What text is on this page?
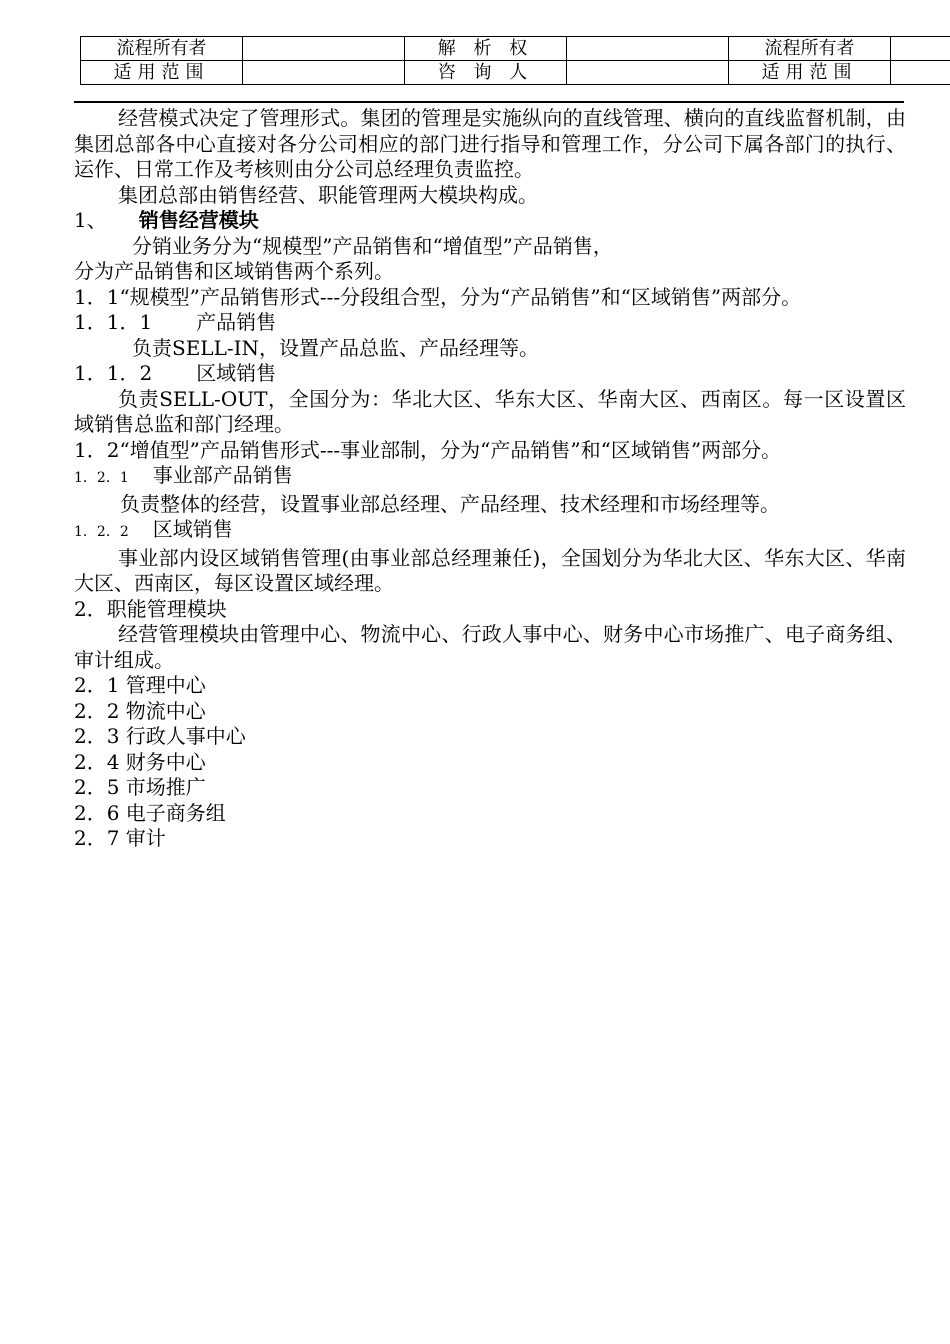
流程所有者		解 析 权		流程所有者	
适用范围		咨 询 人		适用范围	

经营模式决定了管理形式。集团的管理是实施纵向的直线管理、横向的直线监督机制，由集团总部各中心直接对各分公司相应的部门进行指导和管理工作，分公司下属各部门的执行、运作、日常工作及考核则由分公司总经理负责监控。

集团总部由销售经营、职能管理两大模块构成。

1、 销售经营模块

分销业务分为“规模型”产品销售和“增值型”产品销售，

分为产品销售和区域销售两个系列。

1．1“规模型”产品销售形式---分段组合型，分为“产品销售”和“区域销售”两部分。

1．1．1 产品销售

负责SELL-IN，设置产品总监、产品经理等。

1．1．2 区域销售

负责SELL-OUT，全国分为：华北大区、华东大区、华南大区、西南区。每一区设置区域销售总监和部门经理。

1．2“增值型”产品销售形式---事业部制，分为“产品销售”和“区域销售”两部分。

1．2．1 事业部产品销售

负责整体的经营，设置事业部总经理、产品经理、技术经理和市场经理等。

1．2．2 区域销售

事业部内设区域销售管理(由事业部总经理兼任)，全国划分为华北大区、华东大区、华南大区、西南区，每区设置区域经理。

2．职能管理模块

经营管理模块由管理中心、物流中心、行政人事中心、财务中心市场推广、电子商务组、审计组成。

2．1 管理中心

2．2 物流中心

2．3 行政人事中心

2．4 财务中心

2．5 市场推广

2．6 电子商务组

2．7 审计
